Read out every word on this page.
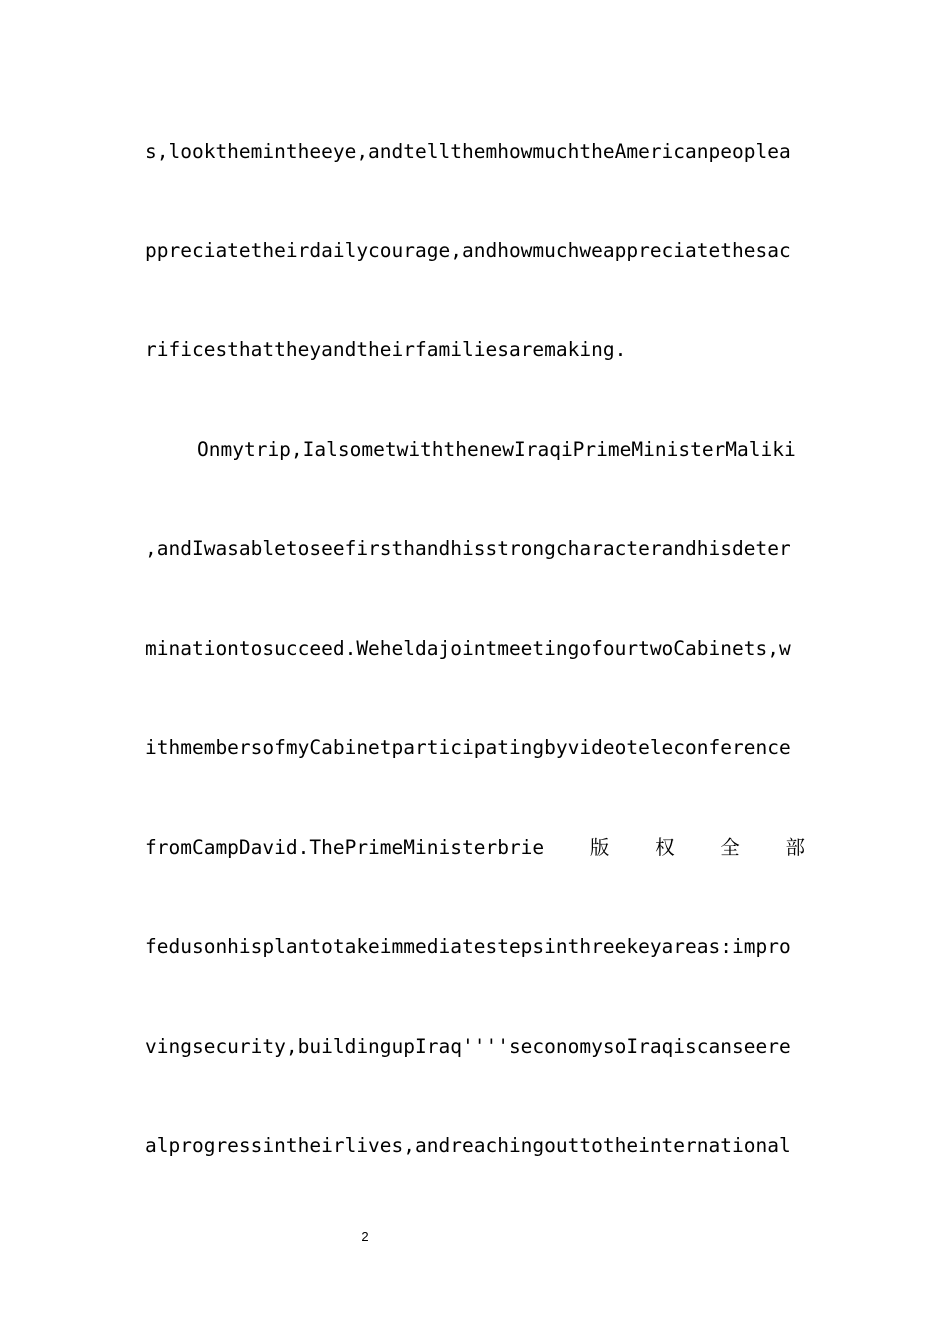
s,lookthemintheeye,andtellthemhowmuchtheAmericanpeoplea
ppreciatetheirdailycourage,andhowmuchweappreciatethesac
rificesthattheyandtheirfamiliesaremaking.
Onmytrip,IalsometwiththenewIraqiPrimeMinisterMaliki
,andIwasabletoseefirsthandhisstrongcharacterandhisdeter
minationtosucceed.WeheldajointmeetingofourtwoCabinets,w
ithmembersofmyCabinetparticipatingbyvideoteleconference
fromCampDavid.ThePrimeMinisterbrie 版 权 全 部
fedusonhisplantotakeimmediatestepsinthreekeyareas:impro
vingsecurity,buildingupIraq''''seconomysoIraqiscanseere
alprogressintheirlives,andreachingouttotheinternational
2
